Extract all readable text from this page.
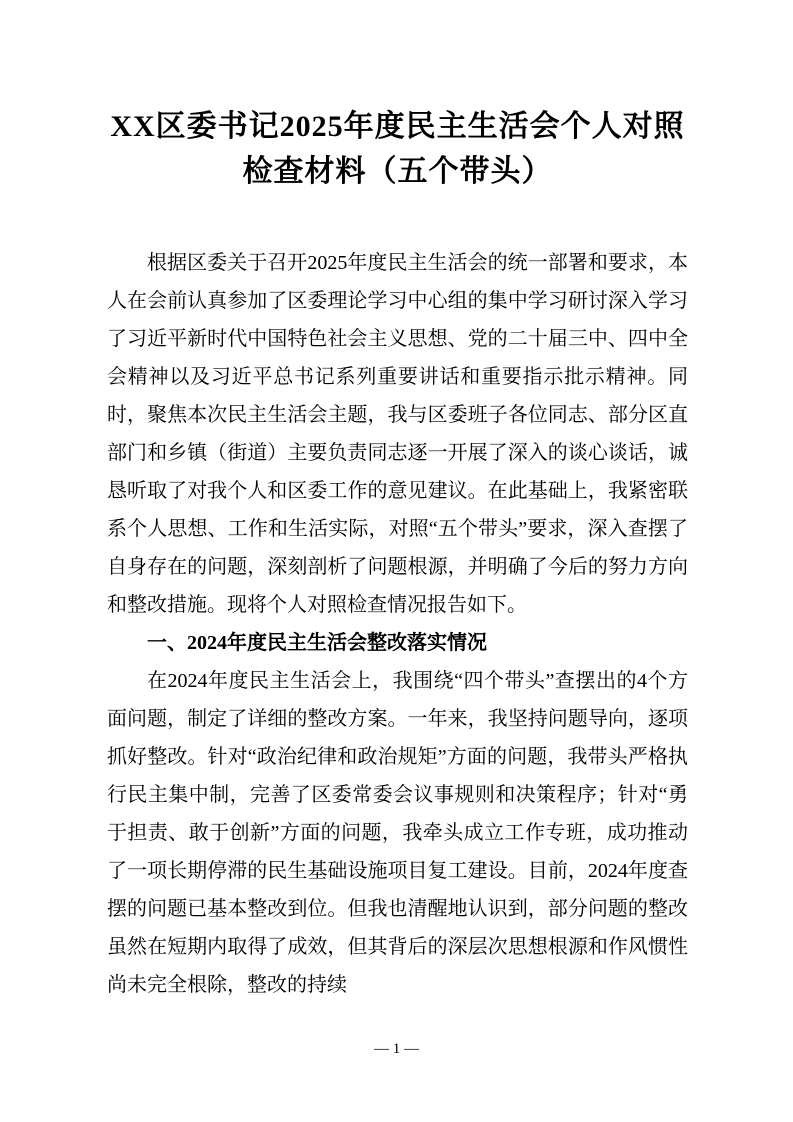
XX区委书记2025年度民主生活会个人对照检查材料（五个带头）

根据区委关于召开2025年度民主生活会的统一部署和要求，本人在会前认真参加了区委理论学习中心组的集中学习研讨深入学习了习近平新时代中国特色社会主义思想、党的二十届三中、四中全会精神以及习近平总书记系列重要讲话和重要指示批示精神。同时，聚焦本次民主生活会主题，我与区委班子各位同志、部分区直部门和乡镇（街道）主要负责同志逐一开展了深入的谈心谈话，诚恳听取了对我个人和区委工作的意见建议。在此基础上，我紧密联系个人思想、工作和生活实际，对照“五个带头”要求，深入查摆了自身存在的问题，深刻剖析了问题根源，并明确了今后的努力方向和整改措施。现将个人对照检查情况报告如下。

一、2024年度民主生活会整改落实情况

在2024年度民主生活会上，我围绕“四个带头”查摆出的4个方面问题，制定了详细的整改方案。一年来，我坚持问题导向，逐项抓好整改。针对“政治纪律和政治规矩”方面的问题，我带头严格执行民主集中制，完善了区委常委会议事规则和决策程序；针对“勇于担责、敢于创新”方面的问题，我牵头成立工作专班，成功推动了一项长期停滞的民生基础设施项目复工建设。目前，2024年度查摆的问题已基本整改到位。但我也清醒地认识到，部分问题的整改虽然在短期内取得了成效，但其背后的深层次思想根源和作风惯性尚未完全根除，整改的持续

— 1 —
